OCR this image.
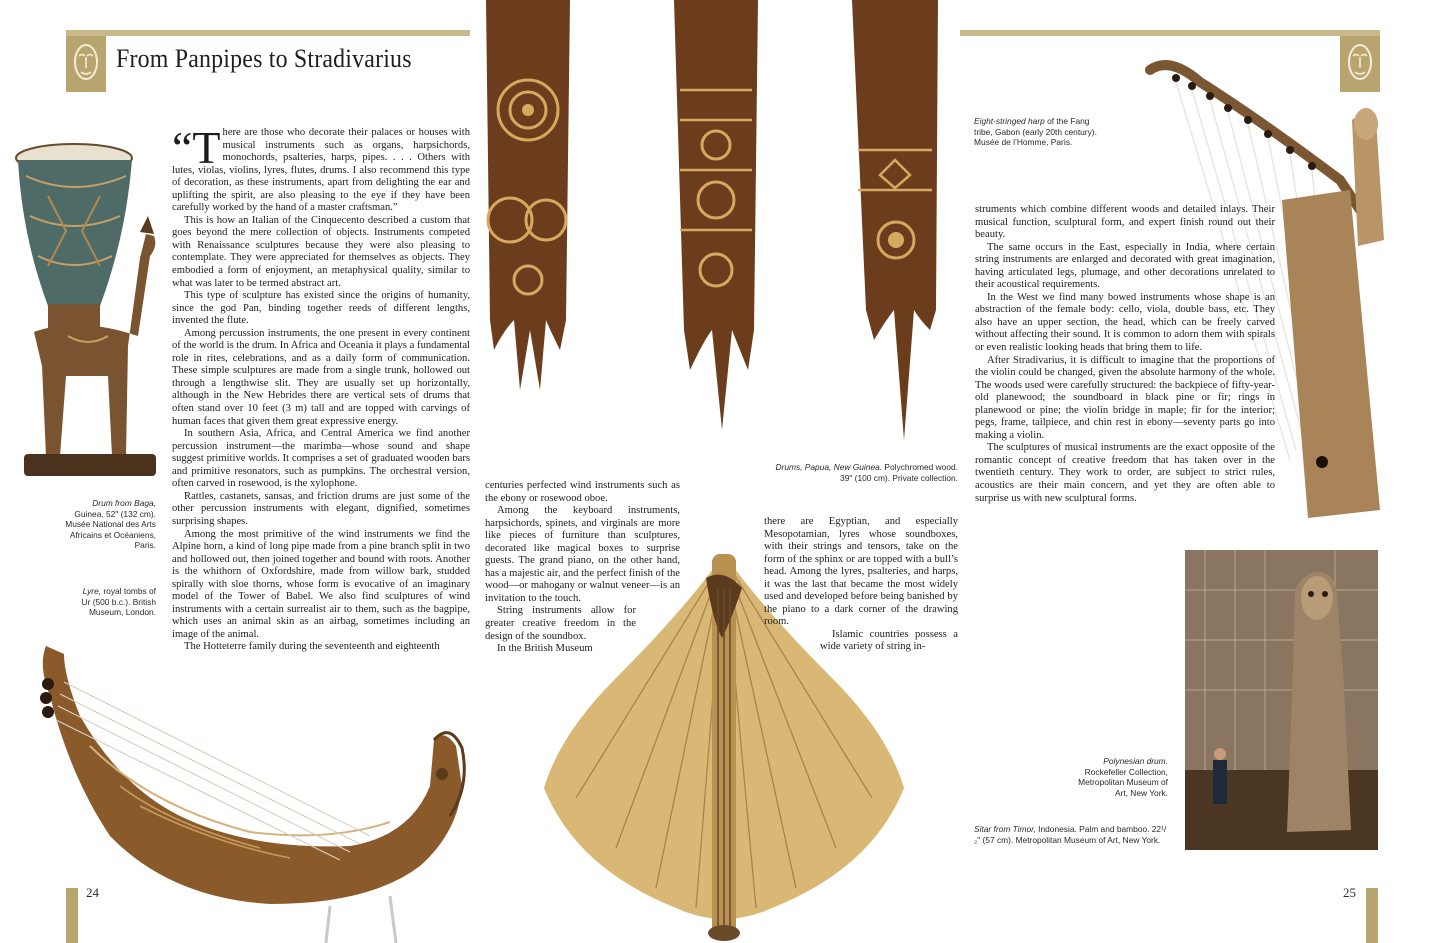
From Panpipes to Stradivarius

“There are those who decorate their palaces or houses with musical instruments such as organs, harpsichords, monochords, psalteries, harps, pipes. . . . Others with lutes, violas, violins, lyres, flutes, drums. I also recommend this type of decoration, as these instruments, apart from delighting the ear and uplifting the spirit, are also pleasing to the eye if they have been carefully worked by the hand of a master craftsman.”

This is how an Italian of the Cinquecento described a custom that goes beyond the mere collection of objects. Instruments competed with Renaissance sculptures because they were also pleasing to contemplate. They were appreciated for themselves as objects. They embodied a form of enjoyment, an metaphysical quality, similar to what was later to be termed abstract art.

This type of sculpture has existed since the origins of humanity, since the god Pan, binding together reeds of different lengths, invented the flute.

Among percussion instruments, the one present in every continent of the world is the drum. In Africa and Oceania it plays a fundamental role in rites, celebrations, and as a daily form of communication. These simple sculptures are made from a single trunk, hollowed out through a lengthwise slit. They are usually set up horizontally, although in the New Hebrides there are vertical sets of drums that often stand over 10 feet (3 m) tall and are topped with carvings of human faces that given them great expressive energy.

In southern Asia, Africa, and Central America we find another percussion instrument—the marimba—whose sound and shape suggest primitive worlds. It comprises a set of graduated wooden bars and primitive resonators, such as pumpkins. The orchestral version, often carved in rosewood, is the xylophone.

Rattles, castanets, sansas, and friction drums are just some of the other percussion instruments with elegant, dignified, sometimes surprising shapes.

Among the most primitive of the wind instruments we find the Alpine horn, a kind of long pipe made from a pine branch split in two and hollowed out, then joined together and bound with roots. Another is the whithorn of Oxfordshire, made from willow bark, studded spirally with sloe thorns, whose form is evocative of an imaginary model of the Tower of Babel. We also find sculptures of wind instruments with a certain surrealist air to them, such as the bagpipe, which uses an animal skin as an airbag, sometimes including an image of the animal.

The Hotteterre family during the seventeenth and eighteenth

centuries perfected wind instruments such as the ebony or rosewood oboe.

Among the keyboard instruments, harpsichords, spinets, and virginals are more like pieces of furniture than sculptures, decorated like magical boxes to surprise guests. The grand piano, on the other hand, has a majestic air, and the perfect finish of the wood—or mahogany or walnut veneer—is an invitation to the touch.

String instruments allow for greater creative freedom in the design of the soundbox.

In the British Museum

there are Egyptian, and especially Mesopotamian, lyres whose soundboxes, with their strings and tensors, take on the form of the sphinx or are topped with a bull’s head. Among the lyres, psalteries, and harps, it was the last that became the most widely used and developed before being banished by the piano to a dark corner of the drawing room.

Islamic countries possess a wide variety of string in-

struments which combine different woods and detailed inlays. Their musical function, sculptural form, and expert finish round out their beauty.

The same occurs in the East, especially in India, where certain string instruments are enlarged and decorated with great imagination, having articulated legs, plumage, and other decorations unrelated to their acoustical requirements.

In the West we find many bowed instruments whose shape is an abstraction of the female body: cello, viola, double bass, etc. They also have an upper section, the head, which can be freely carved without affecting their sound. It is common to adorn them with spirals or even realistic looking heads that bring them to life.

After Stradivarius, it is difficult to imagine that the proportions of the violin could be changed, given the absolute harmony of the whole. The woods used were carefully structured: the backpiece of fifty-year-old planewood; the soundboard in black pine or fir; rings in planewood or pine; the violin bridge in maple; fir for the interior; pegs, frame, tailpiece, and chin rest in ebony—seventy parts go into making a violin.

The sculptures of musical instruments are the exact opposite of the romantic concept of creative freedom that has taken over in the twentieth century. They work to order, are subject to strict rules, acoustics are their main concern, and yet they are often able to surprise us with new sculptural forms.

Drum from Baga, Guinea. 52" (132 cm). Musée National des Arts Africains et Océaniens, Paris.
Lyre, royal tombs of Ur (500 b.c.). British Museum, London.
Drums, Papua, New Guinea. Polychromed wood. 39" (100 cm). Private collection.
Eight-stringed harp of the Fang tribe, Gabon (early 20th century). Musée de l’Homme, Paris.
Polynesian drum. Rockefeller Collection, Metropolitan Museum of Art, New York.
Sitar from Timor, Indonesia. Palm and bamboo. 22¹/₂" (57 cm). Metropolitan Museum of Art, New York.
24	25
